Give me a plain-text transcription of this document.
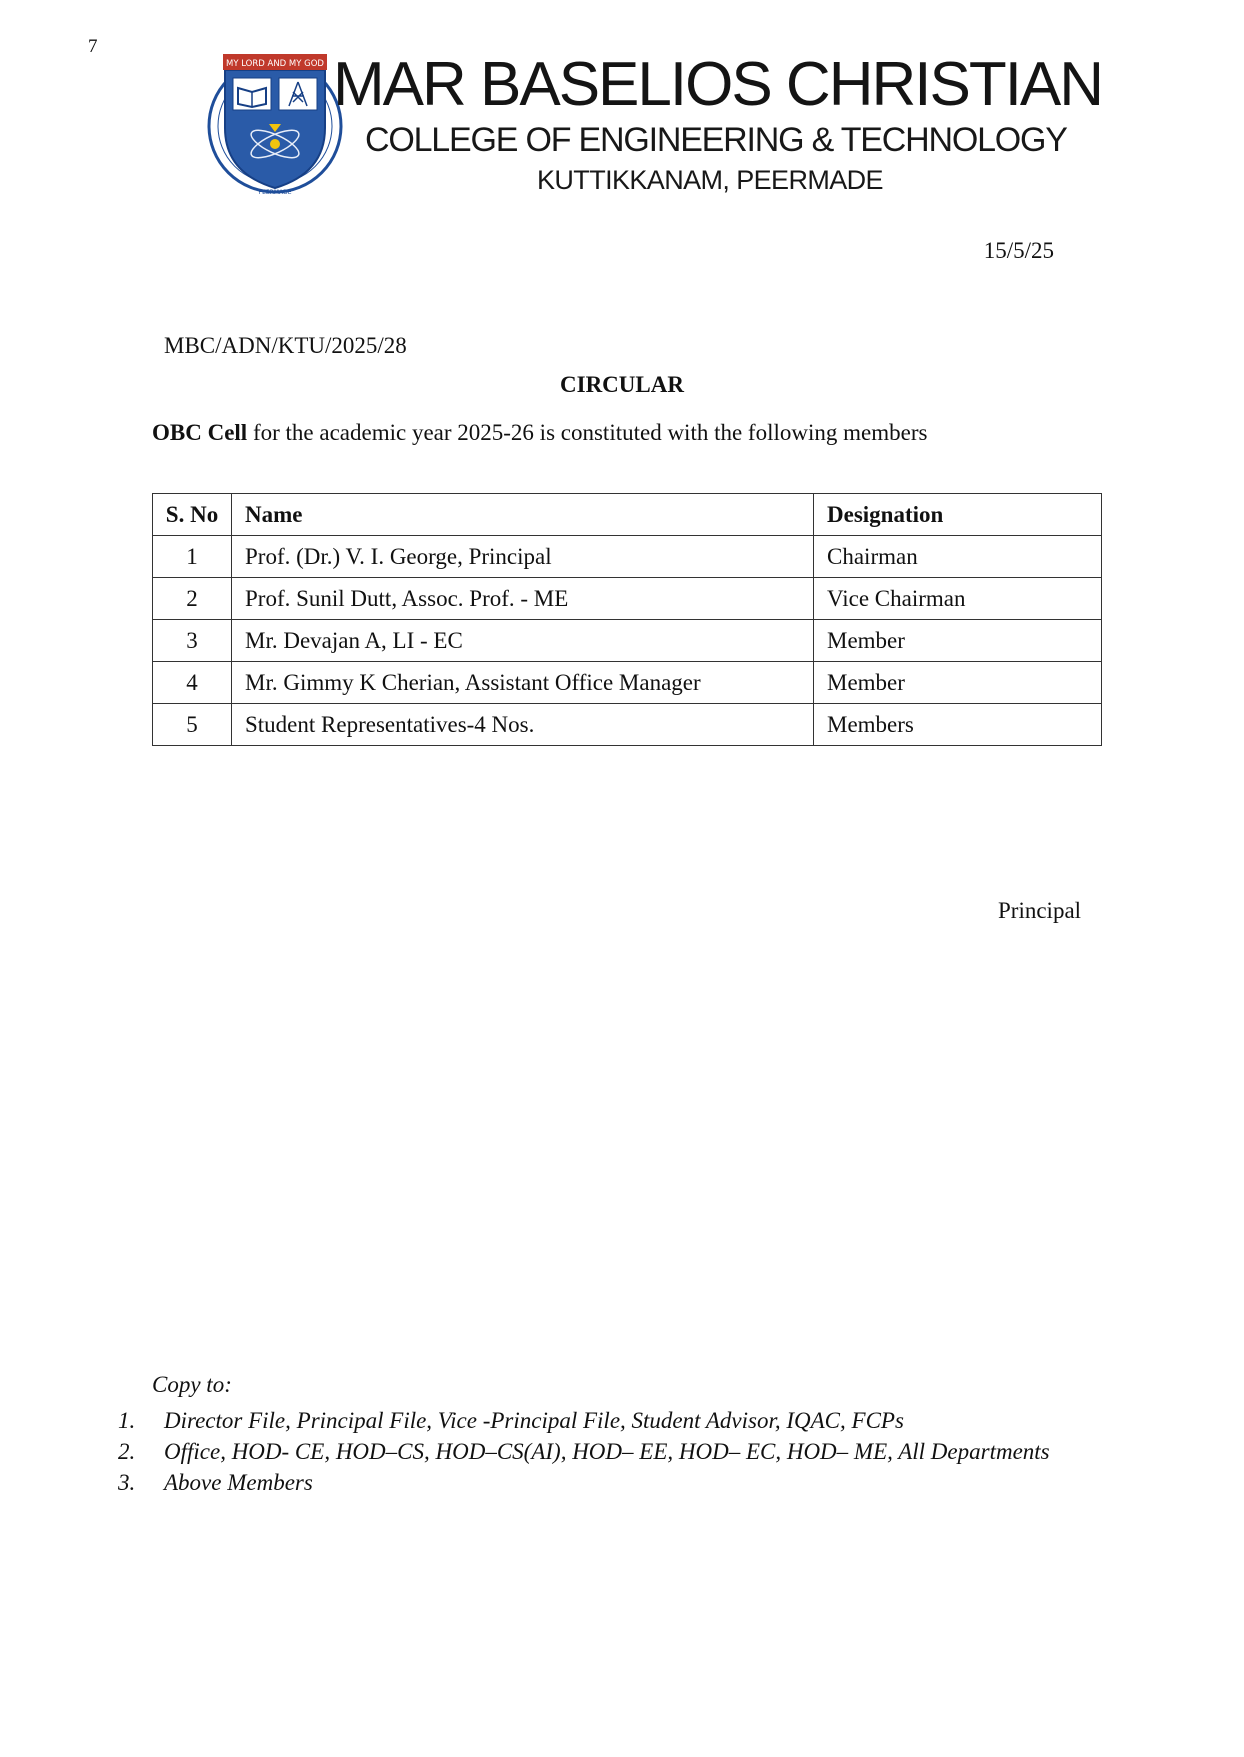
7
MY LORD AND MY GOD
PEERMADE
MAR BASELIOS CHRISTIAN
COLLEGE OF ENGINEERING & TECHNOLOGY
KUTTIKKANAM, PEERMADE
15/5/25
MBC/ADN/KTU/2025/28
CIRCULAR
OBC Cell for the academic year 2025-26 is constituted with the following members
S. No	Name	Designation
1	Prof. (Dr.) V. I. George, Principal	Chairman
2	Prof. Sunil Dutt, Assoc. Prof. - ME	Vice Chairman
3	Mr. Devajan A, LI - EC	Member
4	Mr. Gimmy K Cherian, Assistant Office Manager	Member
5	Student Representatives-4 Nos.	Members
Principal
Copy to:
1. Director File, Principal File, Vice -Principal File, Student Advisor, IQAC, FCPs
2. Office, HOD- CE, HOD–CS, HOD–CS(AI), HOD– EE, HOD– EC, HOD– ME, All Departments
3. Above Members
